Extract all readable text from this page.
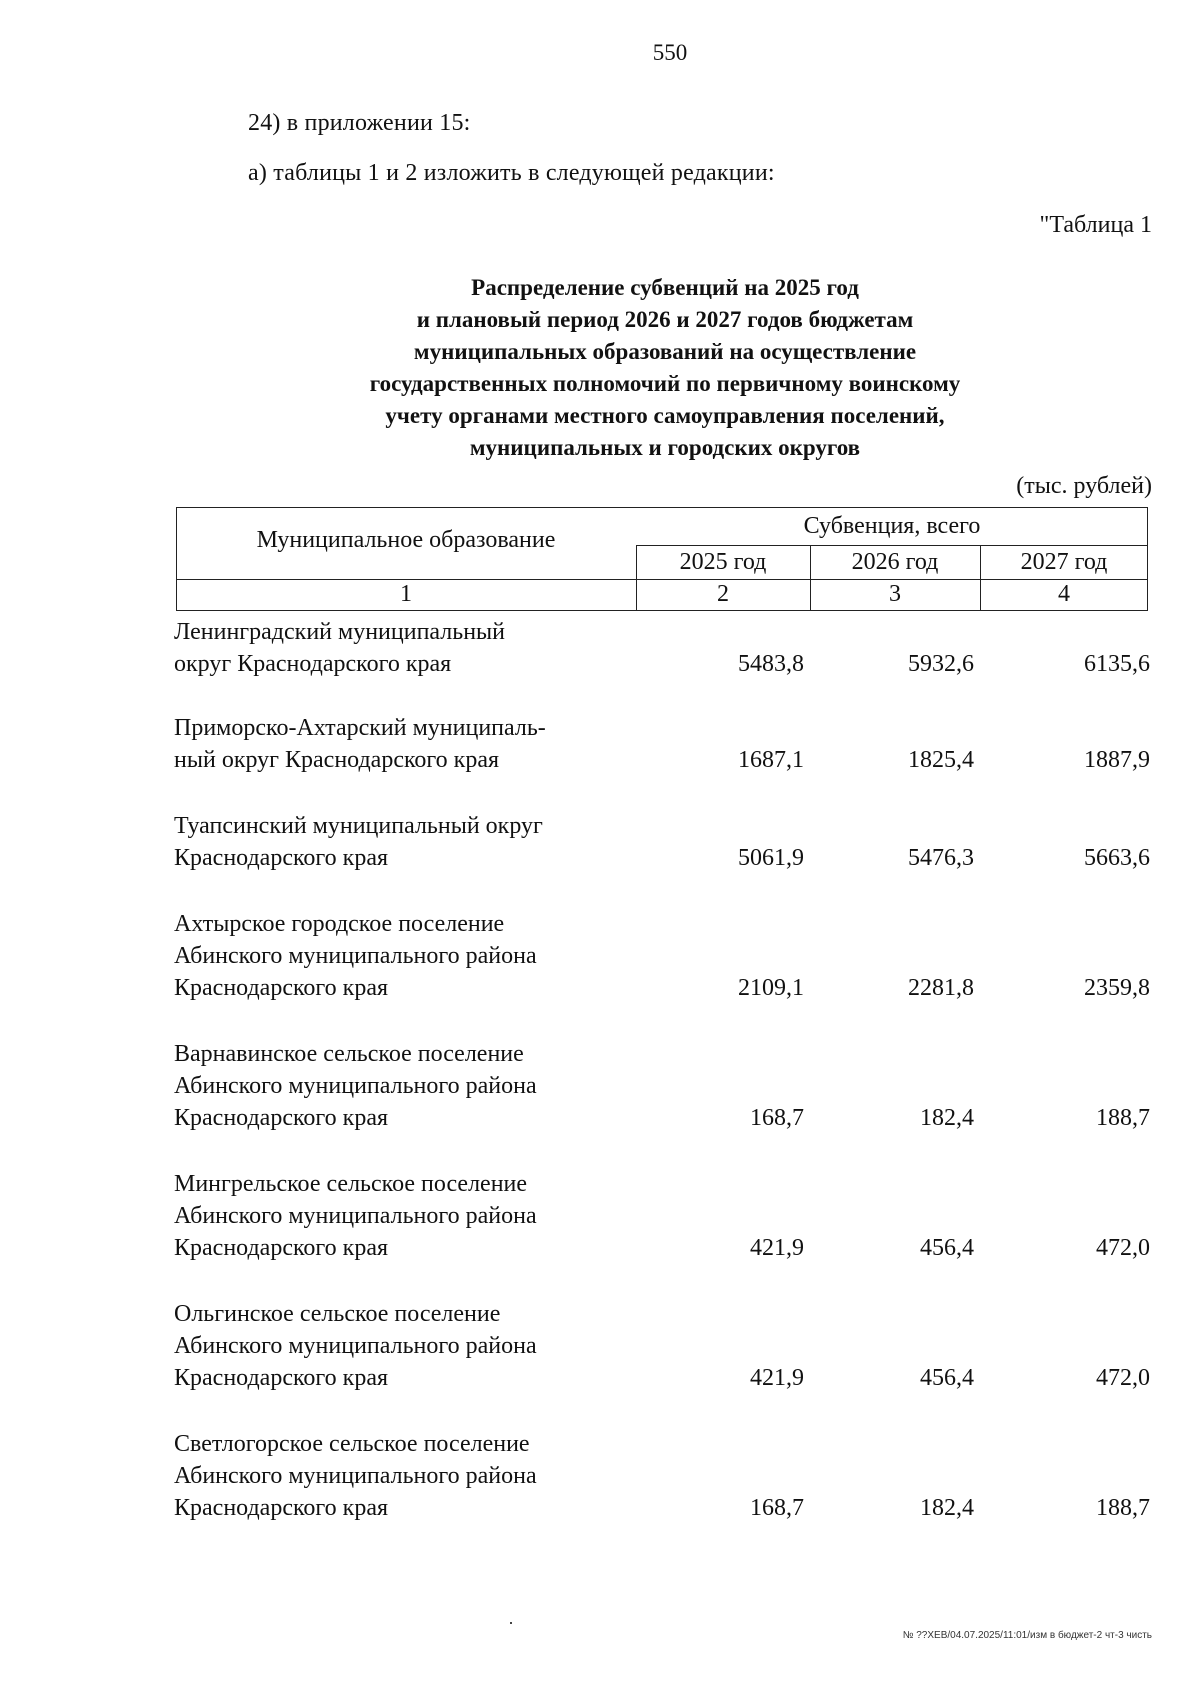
550
24) в приложении 15:
а) таблицы 1 и 2 изложить в следующей редакции:
"Таблица 1
Распределение субвенций на 2025 год
и плановый период 2026 и 2027 годов бюджетам
муниципальных образований на осуществление
государственных полномочий по первичному воинскому
учету органами местного самоуправления поселений,
муниципальных и городских округов
(тыс. рублей)
Муниципальное образование
Субвенция, всего
2025 год	2026 год	2027 год
1	2	3	4
Ленинградский муниципальный
округ Краснодарского края	5483,8	5932,6	6135,6
Приморско-Ахтарский муниципаль-
ный округ Краснодарского края	1687,1	1825,4	1887,9
Туапсинский муниципальный округ
Краснодарского края	5061,9	5476,3	5663,6
Ахтырское городское поселение
Абинского муниципального района
Краснодарского края	2109,1	2281,8	2359,8
Варнавинское сельское поселение
Абинского муниципального района
Краснодарского края	168,7	182,4	188,7
Мингрельское сельское поселение
Абинского муниципального района
Краснодарского края	421,9	456,4	472,0
Ольгинское сельское поселение
Абинского муниципального района
Краснодарского края	421,9	456,4	472,0
Светлогорское сельское поселение
Абинского муниципального района
Краснодарского края	168,7	182,4	188,7
№ ??ХЕВ/04.07.2025/11:01/изм в бюджет-2 чт-3 чисть
